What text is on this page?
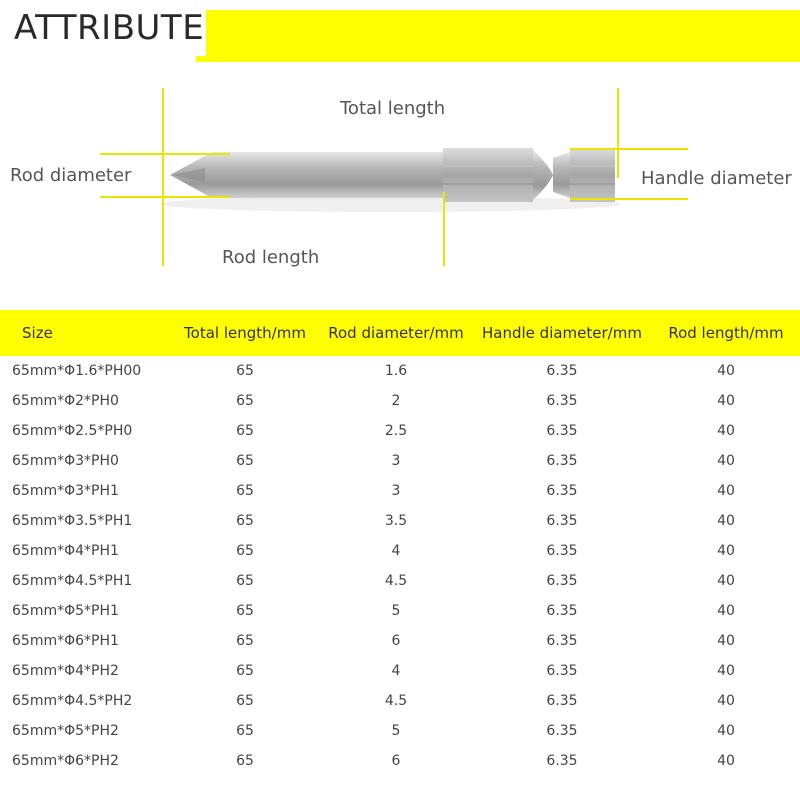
ATTRIBUTE
Total length
Rod diameter	Handle diameter
Rod length
Size	Total length/mm	Rod diameter/mm	Handle diameter/mm	Rod length/mm
65mm*Φ1.6*PH00	65	1.6	6.35	40
65mm*Φ2*PH0	65	2	6.35	40
65mm*Φ2.5*PH0	65	2.5	6.35	40
65mm*Φ3*PH0	65	3	6.35	40
65mm*Φ3*PH1	65	3	6.35	40
65mm*Φ3.5*PH1	65	3.5	6.35	40
65mm*Φ4*PH1	65	4	6.35	40
65mm*Φ4.5*PH1	65	4.5	6.35	40
65mm*Φ5*PH1	65	5	6.35	40
65mm*Φ6*PH1	65	6	6.35	40
65mm*Φ4*PH2	65	4	6.35	40
65mm*Φ4.5*PH2	65	4.5	6.35	40
65mm*Φ5*PH2	65	5	6.35	40
65mm*Φ6*PH2	65	6	6.35	40
